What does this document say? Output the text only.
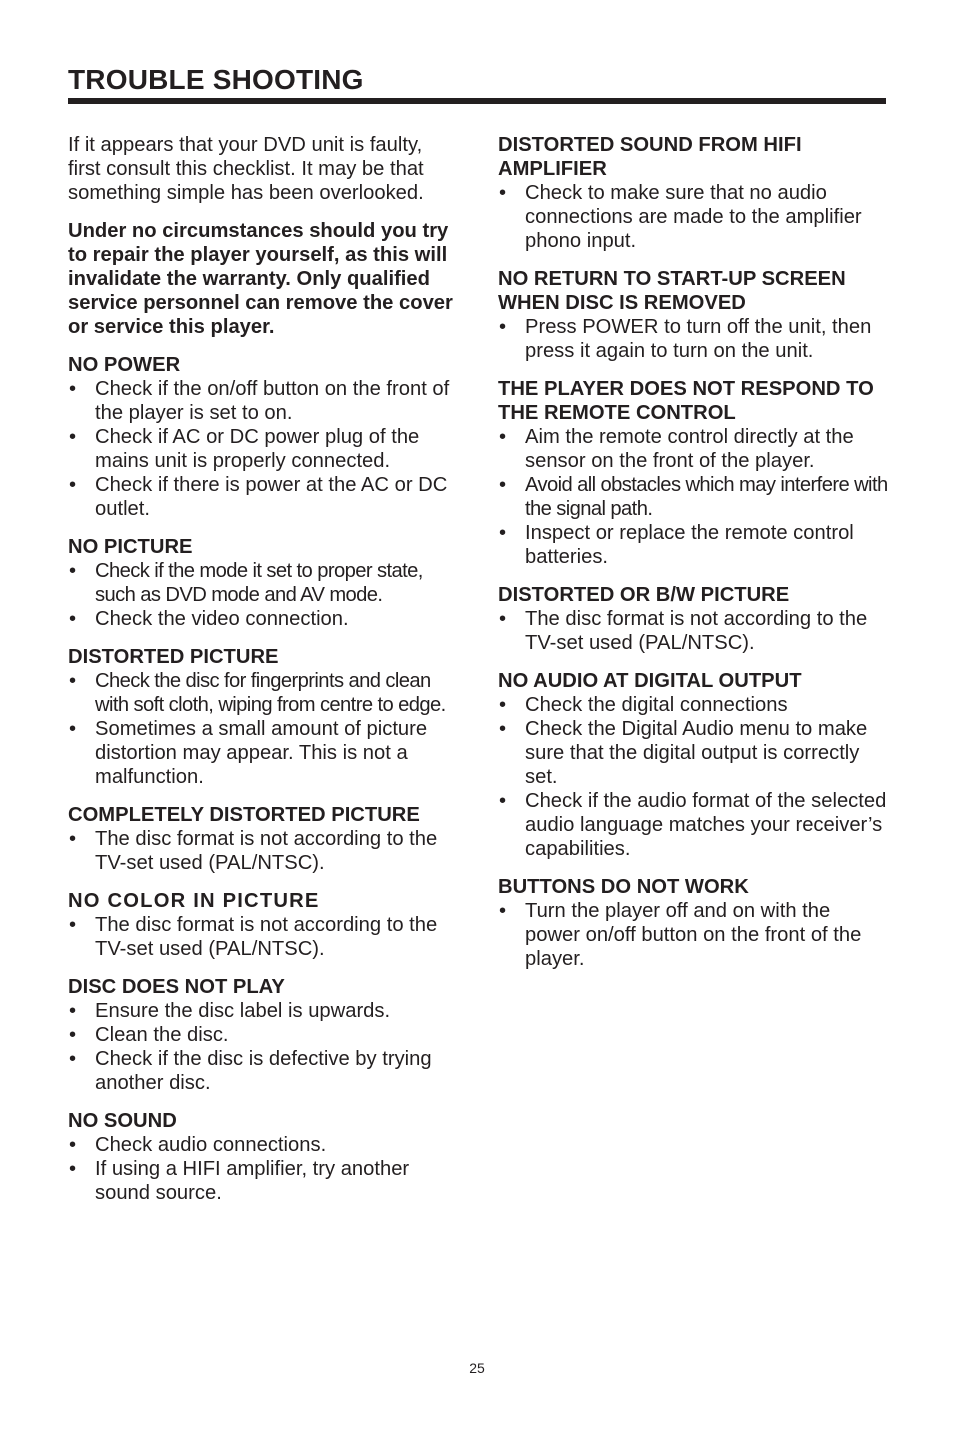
TROUBLE SHOOTING

If it appears that your DVD unit is faulty, first consult this checklist. It may be that something simple has been overlooked.

Under no circumstances should you try to repair the player yourself, as this will invalidate the warranty. Only qualified service personnel can remove the cover or service this player.

NO POWER
• Check if the on/off button on the front of the player is set to on.
• Check if AC or DC power plug of the mains unit is properly connected.
• Check if there is power at the AC or DC outlet.
NO PICTURE
• Check if the mode it set to proper state, such as DVD mode and AV mode.
• Check the video connection.
DISTORTED PICTURE
• Check the disc for fingerprints and clean with soft cloth, wiping from centre to edge.
• Sometimes a small amount of picture distortion may appear. This is not a malfunction.
COMPLETELY DISTORTED PICTURE
• The disc format is not according to the TV-set used (PAL/NTSC).
NO COLOR IN PICTURE
• The disc format is not according to the TV-set used (PAL/NTSC).
DISC DOES NOT PLAY
• Ensure the disc label is upwards.
• Clean the disc.
• Check if the disc is defective by trying another disc.
NO SOUND
• Check audio connections.
• If using a HIFI amplifier, try another sound source.
DISTORTED SOUND FROM HIFI AMPLIFIER
• Check to make sure that no audio connections are made to the amplifier phono input.
NO RETURN TO START-UP SCREEN WHEN DISC IS REMOVED
• Press POWER to turn off the unit, then press it again to turn on the unit.
THE PLAYER DOES NOT RESPOND TO THE REMOTE CONTROL
• Aim the remote control directly at the sensor on the front of the player.
• Avoid all obstacles which may interfere with the signal path.
• Inspect or replace the remote control batteries.
DISTORTED OR B/W PICTURE
• The disc format is not according to the TV-set used (PAL/NTSC).
NO AUDIO AT DIGITAL OUTPUT
• Check the digital connections
• Check the Digital Audio menu to make sure that the digital output is correctly set.
• Check if the audio format of the selected audio language matches your receiver’s capabilities.
BUTTONS DO NOT WORK
• Turn the player off and on with the power on/off button on the front of the player.
25
